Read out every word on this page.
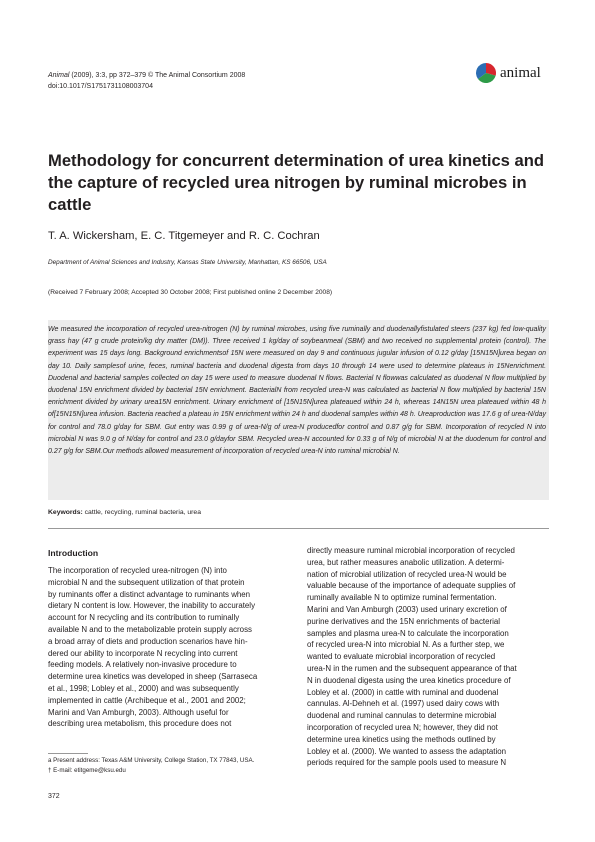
Animal (2009), 3:3, pp 372–379 © The Animal Consortium 2008
doi:10.1017/S1751731108003704
animal
Methodology for concurrent determination of urea kinetics and the capture of recycled urea nitrogen by ruminal microbes in cattle
T. A. Wickersham, E. C. Titgemeyer and R. C. Cochran
Department of Animal Sciences and Industry, Kansas State University, Manhattan, KS 66506, USA
(Received 7 February 2008; Accepted 30 October 2008; First published online 2 December 2008)
We measured the incorporation of recycled urea-nitrogen (N) by ruminal microbes, using five ruminally and duodenallyfistulated steers (237 kg) fed low-quality grass hay (47 g crude protein/kg dry matter (DM)). Three received 1 kg/day of soybeanmeal (SBM) and two received no supplemental protein (control). The experiment was 15 days long. Background enrichmentsof 15N were measured on day 9 and continuous jugular infusion of 0.12 g/day [15N15N]urea began on day 10. Daily samplesof urine, feces, ruminal bacteria and duodenal digesta from days 10 through 14 were used to determine plateaus in 15Nenrichment. Duodenal and bacterial samples collected on day 15 were used to measure duodenal N flows. Bacterial N flowwas calculated as duodenal N flow multiplied by duodenal 15N enrichment divided by bacterial 15N enrichment. BacterialN from recycled urea-N was calculated as bacterial N flow multiplied by bacterial 15N enrichment divided by urinary urea15N enrichment. Urinary enrichment of [15N15N]urea plateaued within 24 h, whereas 14N15N urea plateaued within 48 h of[15N15N]urea infusion. Bacteria reached a plateau in 15N enrichment within 24 h and duodenal samples within 48 h. Ureaproduction was 17.6 g of urea-N/day for control and 78.0 g/day for SBM. Gut entry was 0.99 g of urea-N/g of urea-N producedfor control and 0.87 g/g for SBM. Incorporation of recycled N into microbial N was 9.0 g of N/day for control and 23.0 g/dayfor SBM. Recycled urea-N accounted for 0.33 g of N/g of microbial N at the duodenum for control and 0.27 g/g for SBM.Our methods allowed measurement of incorporation of recycled urea-N into ruminal microbial N.
Keywords: cattle, recycling, ruminal bacteria, urea
Introduction
The incorporation of recycled urea-nitrogen (N) into
microbial N and the subsequent utilization of that protein
by ruminants offer a distinct advantage to ruminants when
dietary N content is low. However, the inability to accurately
account for N recycling and its contribution to ruminally
available N and to the metabolizable protein supply across
a broad array of diets and production scenarios have hin-
dered our ability to incorporate N recycling into current
feeding models. A relatively non-invasive procedure to
determine urea kinetics was developed in sheep (Sarraseca
et al., 1998; Lobley et al., 2000) and was subsequently
implemented in cattle (Archibeque et al., 2001 and 2002;
Marini and Van Amburgh, 2003). Although useful for
describing urea metabolism, this procedure does not
directly measure ruminal microbial incorporation of recycled
urea, but rather measures anabolic utilization. A determi-
nation of microbial utilization of recycled urea-N would be
valuable because of the importance of adequate supplies of
ruminally available N to optimize ruminal fermentation.
Marini and Van Amburgh (2003) used urinary excretion of
purine derivatives and the 15N enrichments of bacterial
samples and plasma urea-N to calculate the incorporation
of recycled urea-N into microbial N. As a further step, we
wanted to evaluate microbial incorporation of recycled
urea-N in the rumen and the subsequent appearance of that
N in duodenal digesta using the urea kinetics procedure of
Lobley et al. (2000) in cattle with ruminal and duodenal
cannulas. Al-Dehneh et al. (1997) used dairy cows with
duodenal and ruminal cannulas to determine microbial
incorporation of recycled urea N; however, they did not
determine urea kinetics using the methods outlined by
Lobley et al. (2000). We wanted to assess the adaptation
periods required for the sample pools used to measure N
a Present address: Texas A&M University, College Station, TX 77843, USA.
† E-mail: etitgeme@ksu.edu
372
